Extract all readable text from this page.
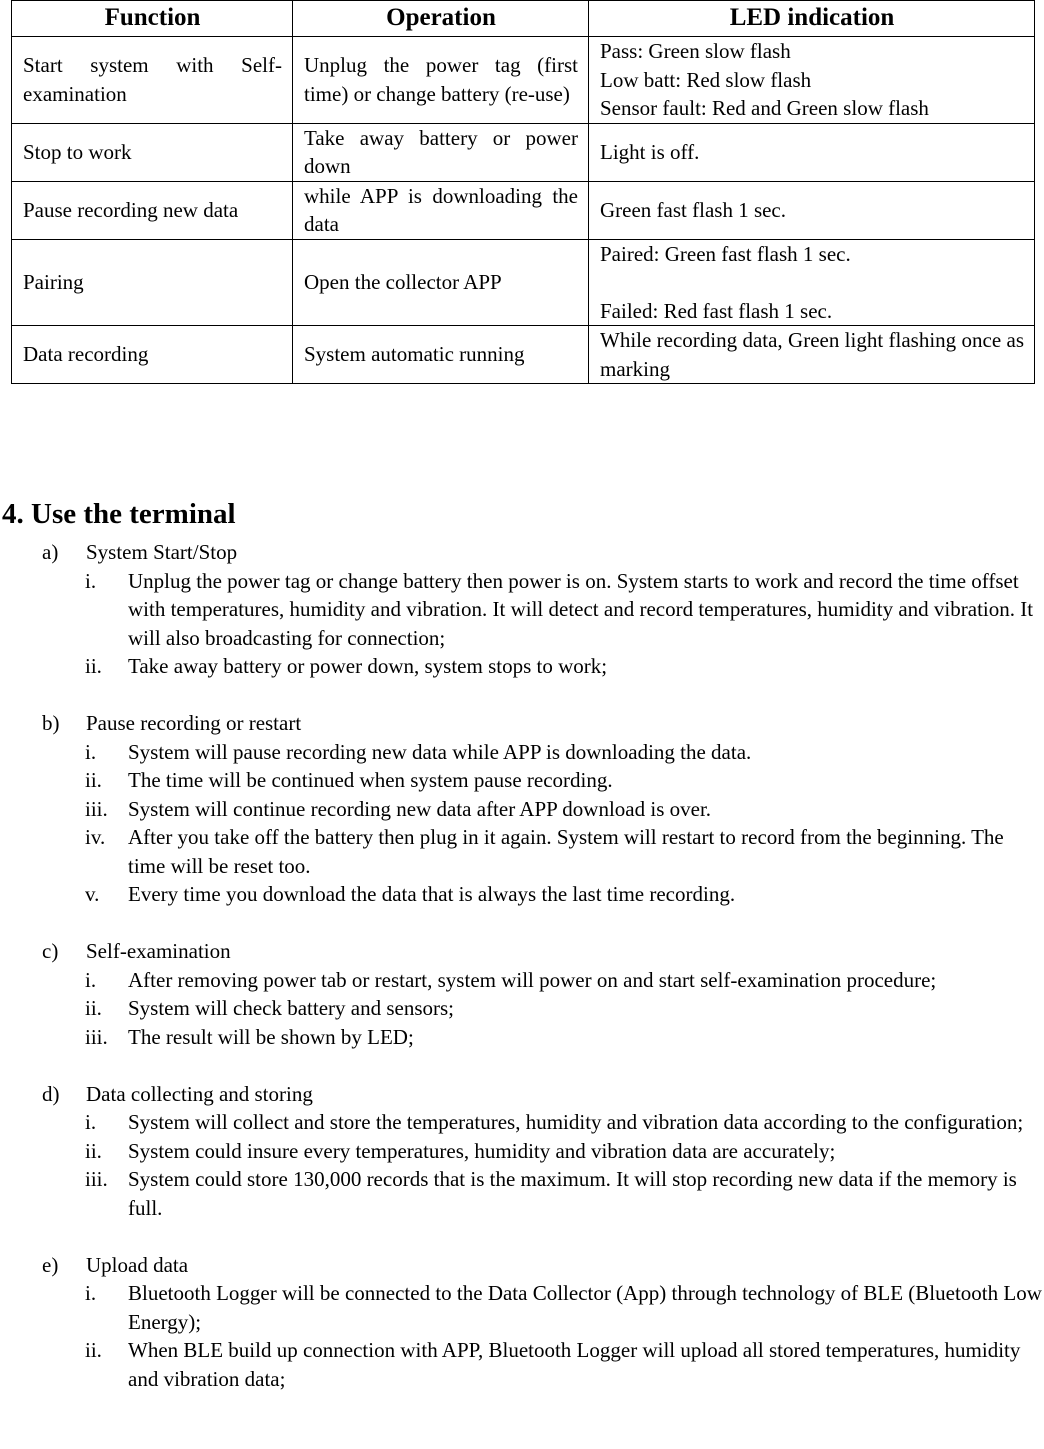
Function	Operation	LED indication
Start system with Self-examination	Unplug the power tag (first time) or change battery (re-use)	Pass: Green slow flash
Low batt: Red slow flash
Sensor fault: Red and Green slow flash

Stop to work	Take away battery or power down	Light is off.

Pause recording new data	while APP is downloading the data	Green fast flash 1 sec.

Pairing	Open the collector APP	Paired: Green fast flash 1 sec.

Failed: Red fast flash 1 sec.

Data recording	System automatic running	While recording data, Green light flashing once as marking
4. Use the terminal
a) System Start/Stop
i. Unplug the power tag or change battery then power is on. System starts to work and record the time offset with temperatures, humidity and vibration. It will detect and record temperatures, humidity and vibration. It will also broadcasting for connection;
ii. Take away battery or power down, system stops to work;
b) Pause recording or restart
i. System will pause recording new data while APP is downloading the data.
ii. The time will be continued when system pause recording.
iii. System will continue recording new data after APP download is over.
iv. After you take off the battery then plug in it again. System will restart to record from the beginning. The time will be reset too.
v. Every time you download the data that is always the last time recording.
c) Self-examination
i. After removing power tab or restart, system will power on and start self-examination procedure;
ii. System will check battery and sensors;
iii. The result will be shown by LED;
d) Data collecting and storing
i. System will collect and store the temperatures, humidity and vibration data according to the configuration;
ii. System could insure every temperatures, humidity and vibration data are accurately;
iii. System could store 130,000 records that is the maximum. It will stop recording new data if the memory is full.
e) Upload data
i. Bluetooth Logger will be connected to the Data Collector (App) through technology of BLE (Bluetooth Low Energy);
ii. When BLE build up connection with APP, Bluetooth Logger will upload all stored temperatures, humidity and vibration data;
